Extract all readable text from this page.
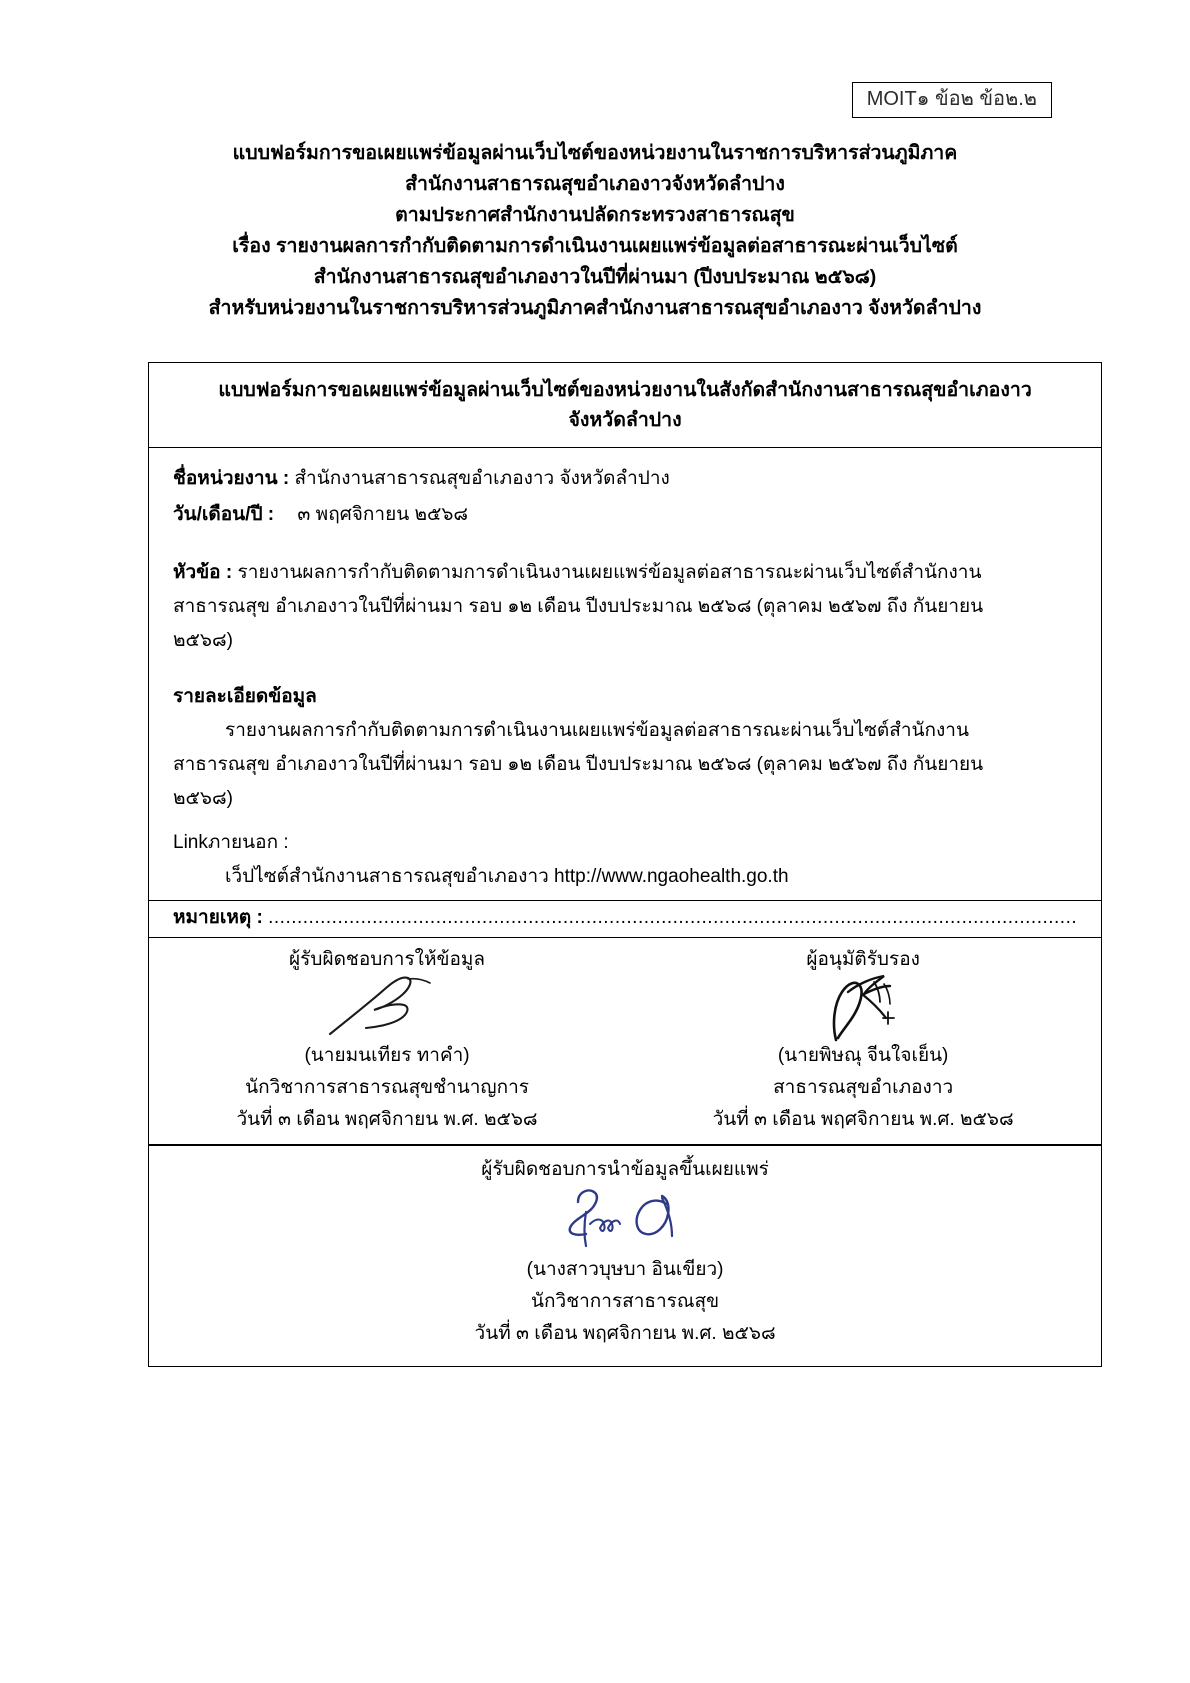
MOIT๑ ข้อ๒ ข้อ๒.๒
แบบฟอร์มการขอเผยแพร่ข้อมูลผ่านเว็บไซต์ของหน่วยงานในราชการบริหารส่วนภูมิภาค
สำนักงานสาธารณสุขอำเภองาวจังหวัดลำปาง
ตามประกาศสำนักงานปลัดกระทรวงสาธารณสุข
เรื่อง รายงานผลการกำกับติดตามการดำเนินงานเผยแพร่ข้อมูลต่อสาธารณะผ่านเว็บไซต์
สำนักงานสาธารณสุขอำเภองาวในปีที่ผ่านมา (ปีงบประมาณ ๒๕๖๘)
สำหรับหน่วยงานในราชการบริหารส่วนภูมิภาคสำนักงานสาธารณสุขอำเภองาว จังหวัดลำปาง
แบบฟอร์มการขอเผยแพร่ข้อมูลผ่านเว็บไซต์ของหน่วยงานในสังกัดสำนักงานสาธารณสุขอำเภองาว
จังหวัดลำปาง

ชื่อหน่วยงาน : สำนักงานสาธารณสุขอำเภองาว จังหวัดลำปาง
วัน/เดือน/ปี : ๓ พฤศจิกายน ๒๕๖๘
หัวข้อ : รายงานผลการกำกับติดตามการดำเนินงานเผยแพร่ข้อมูลต่อสาธารณะผ่านเว็บไซต์สำนักงาน
สาธารณสุข อำเภองาวในปีที่ผ่านมา รอบ ๑๒ เดือน ปีงบประมาณ ๒๕๖๘ (ตุลาคม ๒๕๖๗ ถึง กันยายน
๒๕๖๘)
รายละเอียดข้อมูล
รายงานผลการกำกับติดตามการดำเนินงานเผยแพร่ข้อมูลต่อสาธารณะผ่านเว็บไซต์สำนักงาน
สาธารณสุข อำเภองาวในปีที่ผ่านมา รอบ ๑๒ เดือน ปีงบประมาณ ๒๕๖๘ (ตุลาคม ๒๕๖๗ ถึง กันยายน
๒๕๖๘)
Linkภายนอก :
เว็ปไซต์สำนักงานสาธารณสุขอำเภองาว http://www.ngaohealth.go.th

หมายเหตุ : ............................................................................................................................................

ผู้รับผิดชอบการให้ข้อมูล
(นายมนเทียร ทาคำ)
นักวิชาการสาธารณสุขชำนาญการ
วันที่ ๓ เดือน พฤศจิกายน พ.ศ. ๒๕๖๘
ผู้อนุมัติรับรอง
(นายพิษณุ จีนใจเย็น)
สาธารณสุขอำเภองาว
วันที่ ๓ เดือน พฤศจิกายน พ.ศ. ๒๕๖๘

ผู้รับผิดชอบการนำข้อมูลขึ้นเผยแพร่
(นางสาวบุษบา อินเขียว)
นักวิชาการสาธารณสุข
วันที่ ๓ เดือน พฤศจิกายน พ.ศ. ๒๕๖๘
